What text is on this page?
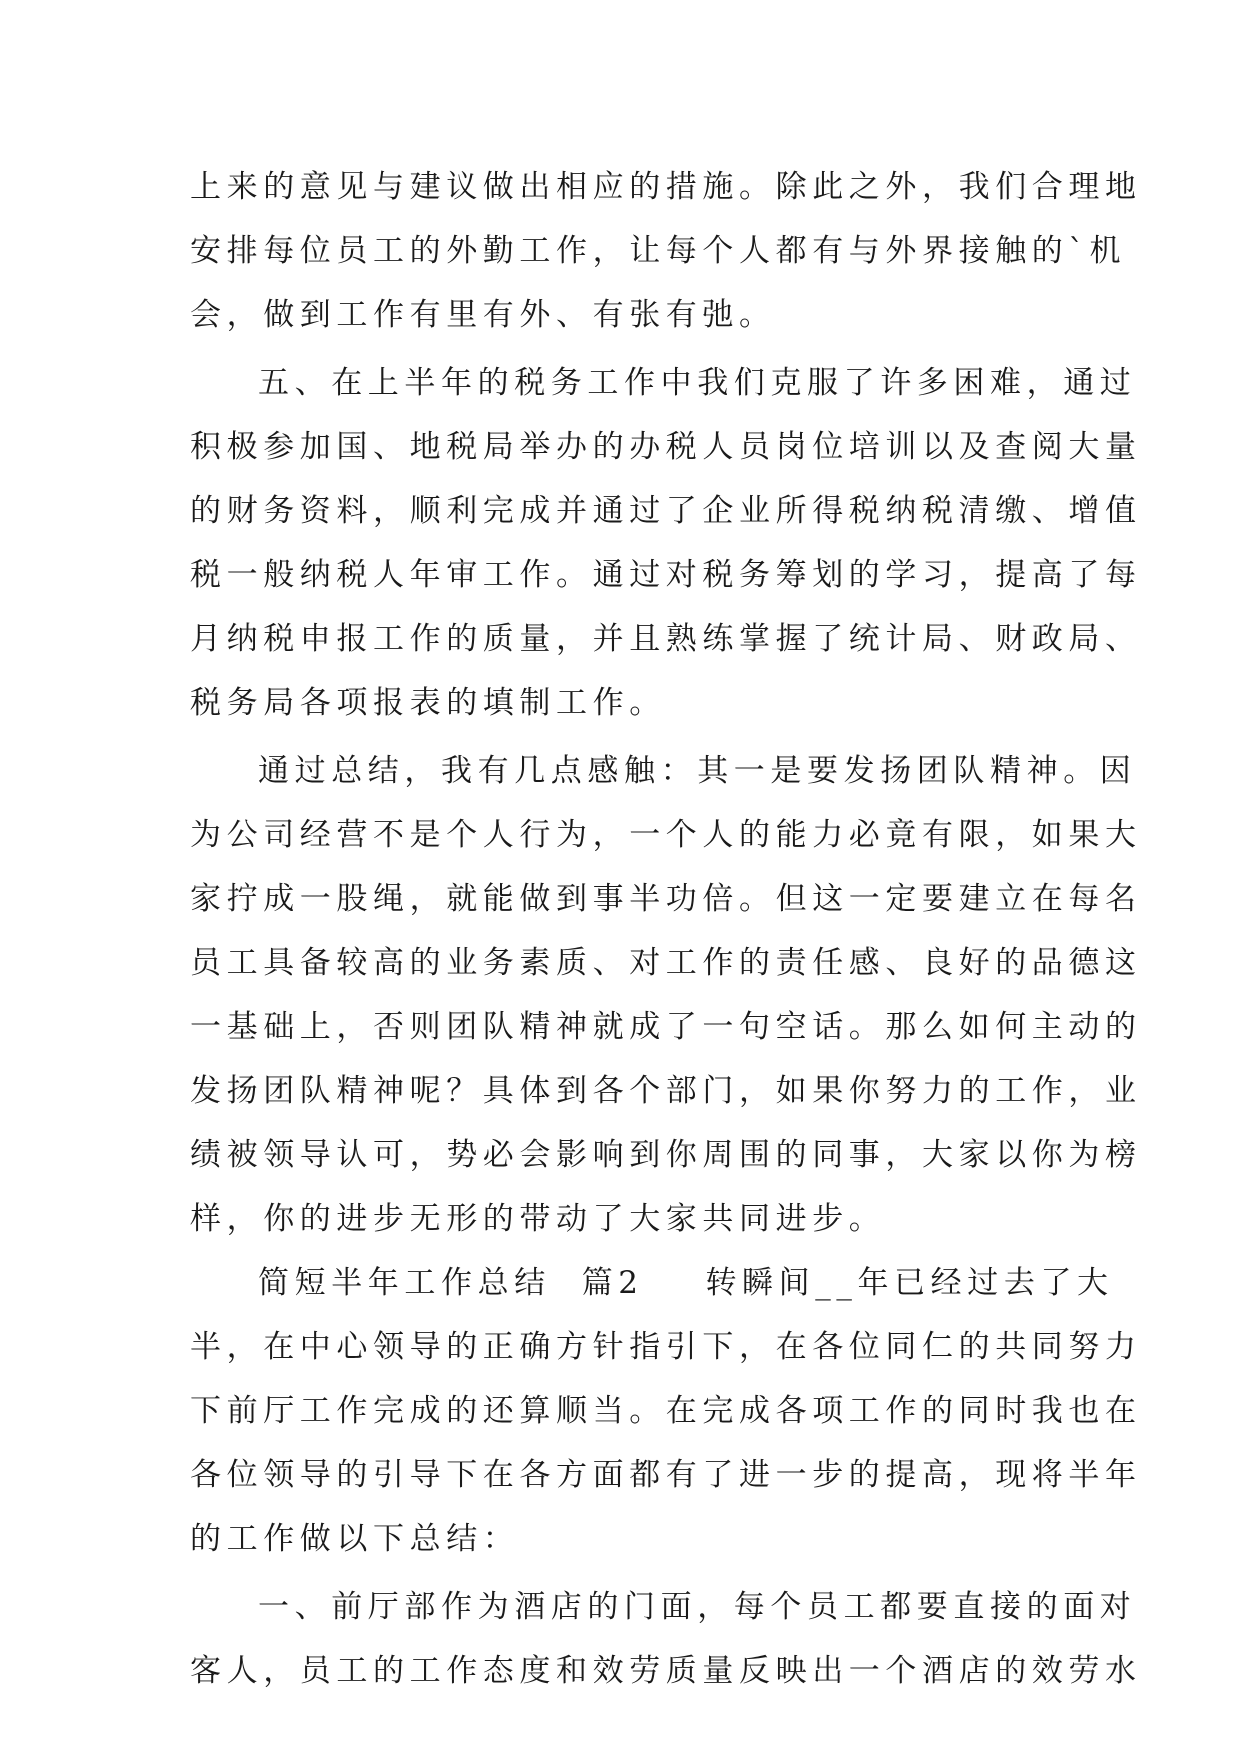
上来的意见与建议做出相应的措施。除此之外，我们合理地
安排每位员工的外勤工作，让每个人都有与外界接触的`机
会，做到工作有里有外、有张有弛。
五、在上半年的税务工作中我们克服了许多困难，通过
积极参加国、地税局举办的办税人员岗位培训以及查阅大量
的财务资料，顺利完成并通过了企业所得税纳税清缴、增值
税一般纳税人年审工作。通过对税务筹划的学习，提高了每
月纳税申报工作的质量，并且熟练掌握了统计局、财政局、
税务局各项报表的填制工作。
通过总结，我有几点感触：其一是要发扬团队精神。因
为公司经营不是个人行为，一个人的能力必竟有限，如果大
家拧成一股绳，就能做到事半功倍。但这一定要建立在每名
员工具备较高的业务素质、对工作的责任感、良好的品德这
一基础上，否则团队精神就成了一句空话。那么如何主动的
发扬团队精神呢？具体到各个部门，如果你努力的工作，业
绩被领导认可，势必会影响到你周围的同事，大家以你为榜
样，你的进步无形的带动了大家共同进步。
简短半年工作总结  篇2    转瞬间__年已经过去了大
半，在中心领导的正确方针指引下，在各位同仁的共同努力
下前厅工作完成的还算顺当。在完成各项工作的同时我也在
各位领导的引导下在各方面都有了进一步的提高，现将半年
的工作做以下总结：
一、前厅部作为酒店的门面，每个员工都要直接的面对
客人，员工的工作态度和效劳质量反映出一个酒店的效劳水
